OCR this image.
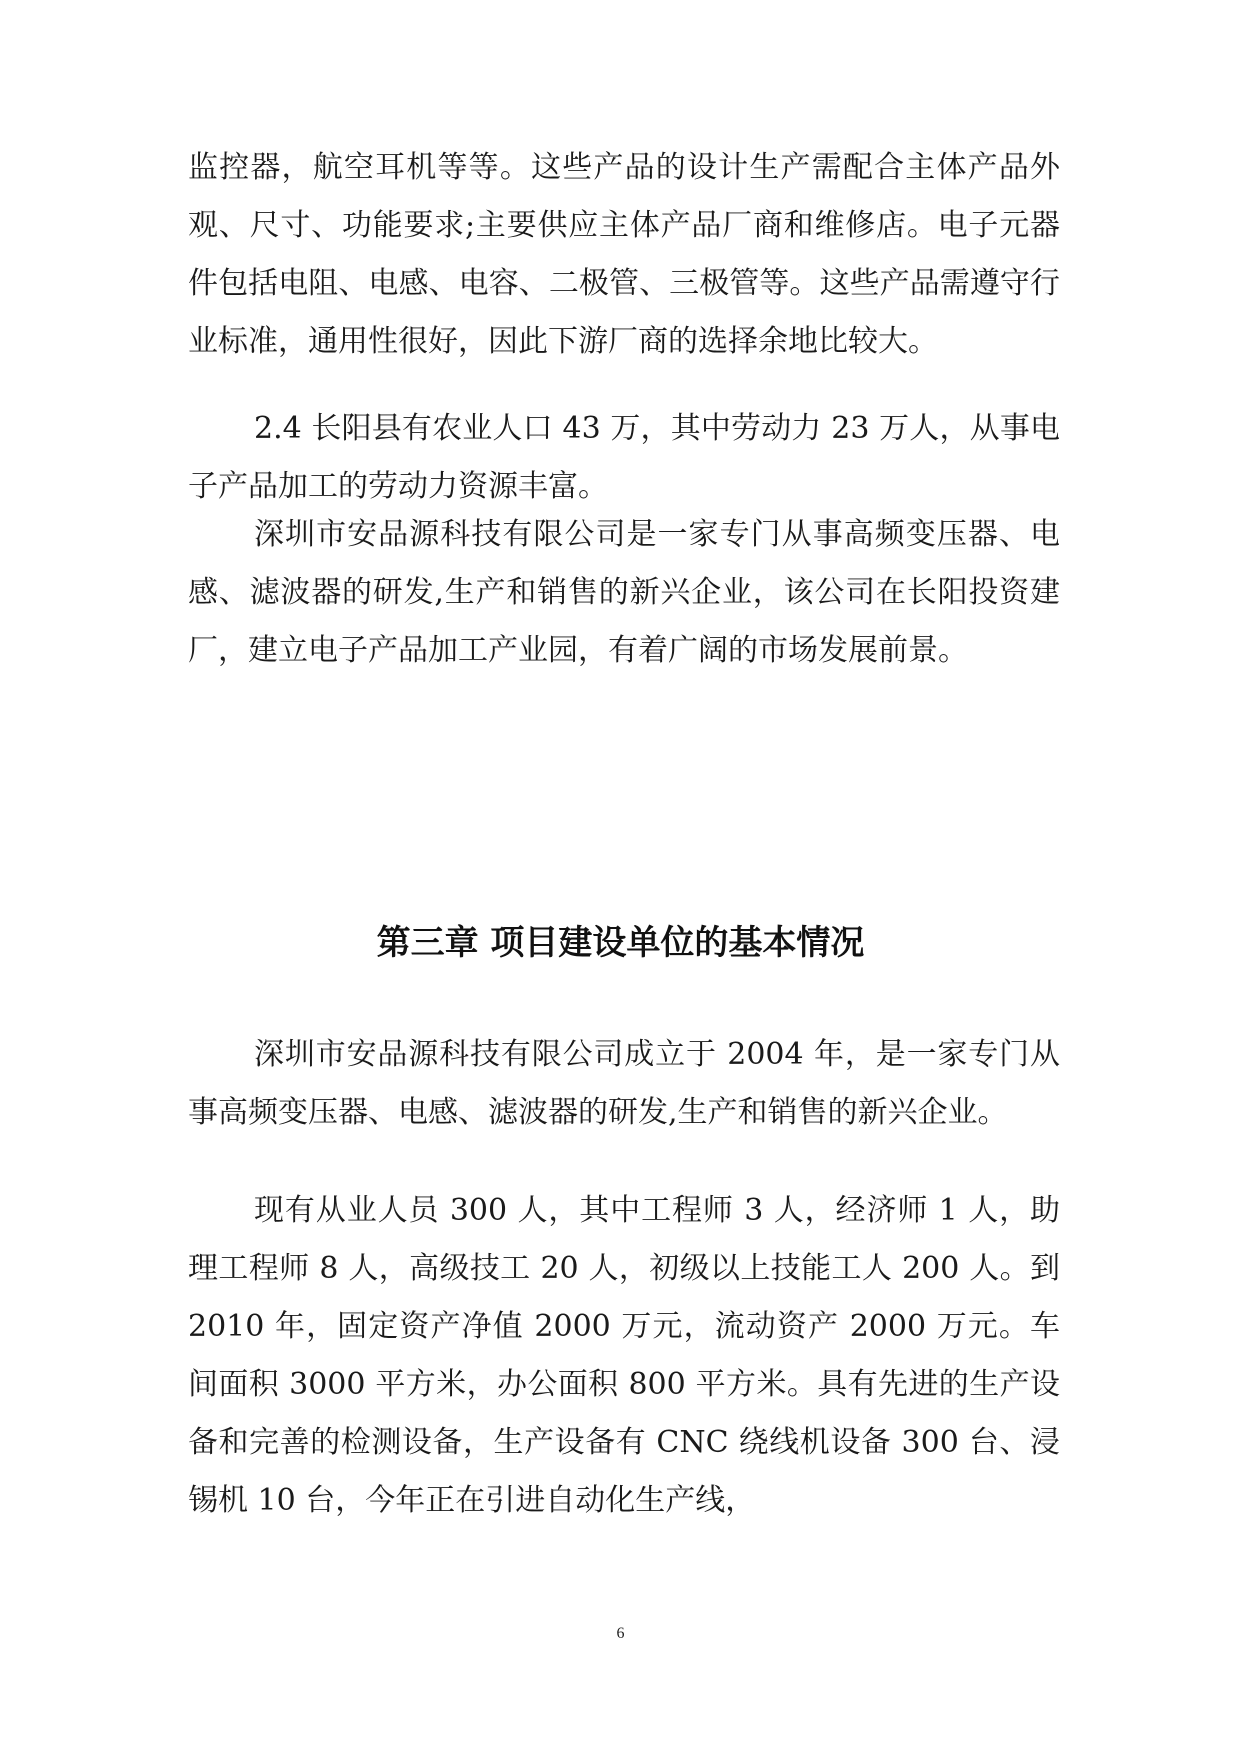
监控器，航空耳机等等。这些产品的设计生产需配合主体产品外观、尺寸、功能要求;主要供应主体产品厂商和维修店。电子元器件包括电阻、电感、电容、二极管、三极管等。这些产品需遵守行业标准，通用性很好，因此下游厂商的选择余地比较大。

2.4 长阳县有农业人口 43 万，其中劳动力 23 万人，从事电子产品加工的劳动力资源丰富。

深圳市安品源科技有限公司是一家专门从事高频变压器、电感、滤波器的研发,生产和销售的新兴企业，该公司在长阳投资建厂，建立电子产品加工产业园，有着广阔的市场发展前景。

第三章 项目建设单位的基本情况

深圳市安品源科技有限公司成立于 2004 年，是一家专门从事高频变压器、电感、滤波器的研发,生产和销售的新兴企业。

现有从业人员 300 人，其中工程师 3 人，经济师 1 人，助理工程师 8 人，高级技工 20 人，初级以上技能工人 200 人。到 2010 年，固定资产净值 2000 万元，流动资产 2000 万元。车间面积 3000 平方米，办公面积 800 平方米。具有先进的生产设备和完善的检测设备，生产设备有 CNC 绕线机设备 300 台、浸锡机 10 台，今年正在引进自动化生产线，

6
